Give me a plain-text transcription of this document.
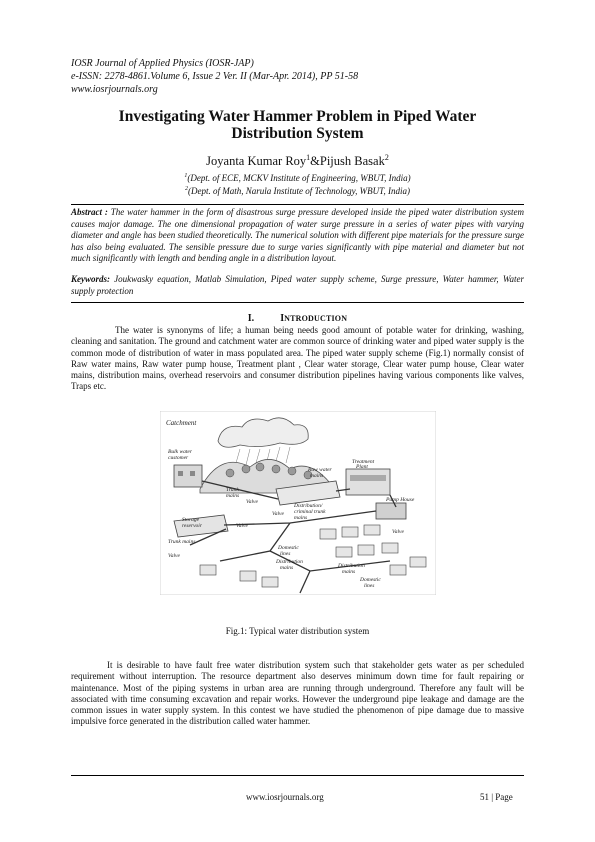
IOSR Journal of Applied Physics (IOSR-JAP)
e-ISSN: 2278-4861.Volume 6, Issue 2 Ver. II (Mar-Apr. 2014), PP 51-58
www.iosrjournals.org
Investigating Water Hammer Problem in Piped Water
Distribution System
Joyanta Kumar Roy$^1$&Pijush Basak$^2$
$^1$(Dept. of ECE, MCKV Institute of Engineering, WBUT, India)
$^2$(Dept. of Math, Narula Institute of Technology, WBUT, India)
Abstract : The water hammer in the form of disastrous surge pressure developed inside the piped water distribution system causes major damage. The one dimensional propagation of water surge pressure in a series of water pipes with varying diameter and angle has been studied theoretically. The numerical solution with different pipe materials for the pressure surge has also being evaluated. The sensible pressure due to surge varies significantly with pipe material and diameter but not much significantly with length and bending angle in a distribution layout.
Keywords: Joukwasky equation, Matlab Simulation, Piped water supply scheme, Surge pressure, Water hammer, Water supply protection
I.	INTRODUCTION
The water is synonyms of life; a human being needs good amount of potable water for drinking, washing, cleaning and sanitation. The ground and catchment water are common source of drinking water and piped water supply is the common mode of distribution of water in mass populated area. The piped water supply scheme (Fig.1) normally consist of Raw water mains, Raw water pump house, Treatment plant , Clear water storage, Clear water pump house, Clear water mains, distribution mains, overhead reservoirs and consumer distribution pipelines having various components like valves, Traps etc.
Catchment
Bulk water
customer
Raw water
mains
Treatment
Plant
Trunk
mains
Pump House
Storage
reservoir
Distribution/
criminal trunk
mains
Trunk mains
Valve
Valve
Valve
Valve
Valve
Domestic
lines
Distribution
mains	Distribution
mains
Domestic
lines
Fig.1: Typical water distribution system
It is desirable to have fault free water distribution system such that stakeholder gets water as per scheduled requirement without interruption. The resource department also deserves minimum down time for fault repairing or maintenance. Most of the piping systems in urban area are running through underground. Therefore any fault will be associated with time consuming excavation and repair works. However the underground pipe leakage and damage are the common issues in water supply system. In this contest we have studied the phenomenon of pipe damage due to massive impulsive force generated in the distribution called water hammer.
www.iosrjournals.org	51 | Page
